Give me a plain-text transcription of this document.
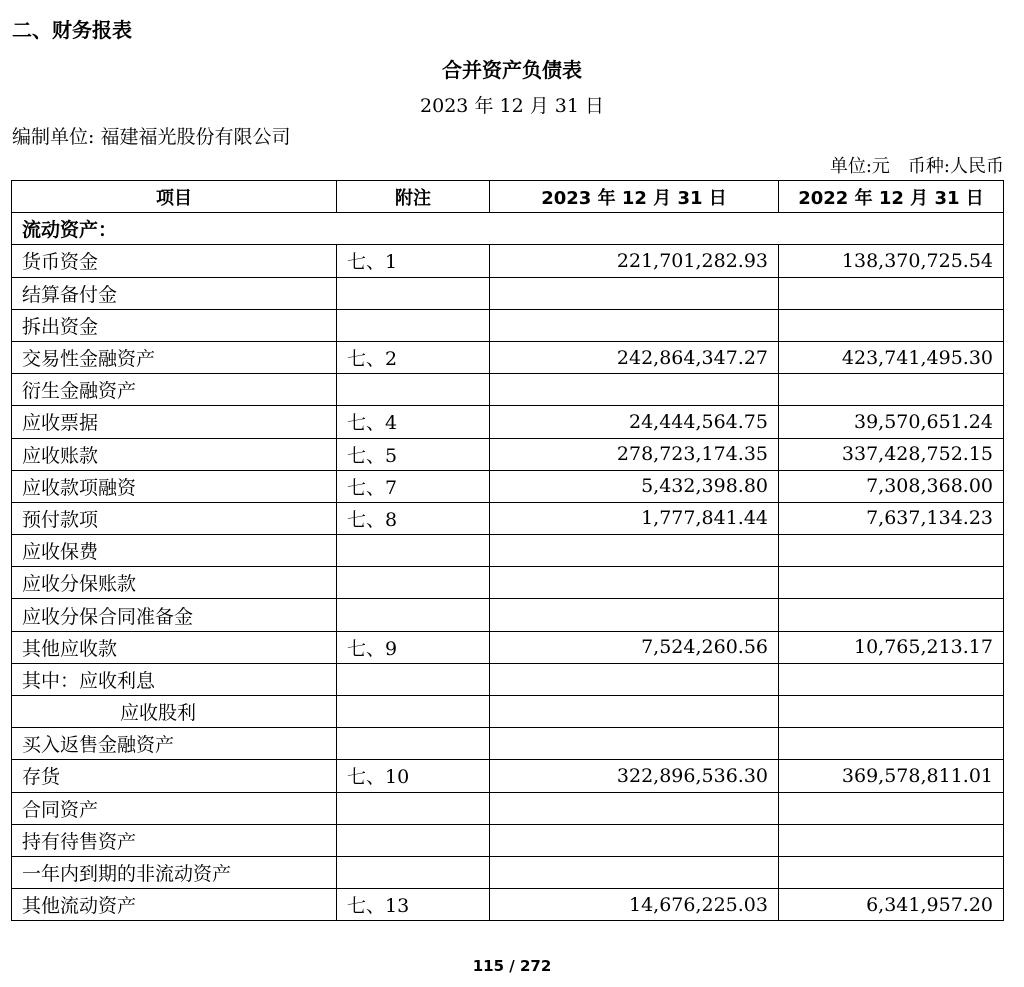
二、财务报表
合并资产负债表
2023 年 12 月 31 日
编制单位: 福建福光股份有限公司
单位:元 币种:人民币
项目	附注	2023 年 12 月 31 日	2022 年 12 月 31 日
流动资产：			
货币资金	七、1	221,701,282.93	138,370,725.54
结算备付金			
拆出资金			
交易性金融资产	七、2	242,864,347.27	423,741,495.30
衍生金融资产			
应收票据	七、4	24,444,564.75	39,570,651.24
应收账款	七、5	278,723,174.35	337,428,752.15
应收款项融资	七、7	5,432,398.80	7,308,368.00
预付款项	七、8	1,777,841.44	7,637,134.23
应收保费			
应收分保账款			
应收分保合同准备金			
其他应收款	七、9	7,524,260.56	10,765,213.17
其中：应收利息			
应收股利			
买入返售金融资产			
存货	七、10	322,896,536.30	369,578,811.01
合同资产			
持有待售资产			
一年内到期的非流动资产			
其他流动资产	七、13	14,676,225.03	6,341,957.20
115 / 272
